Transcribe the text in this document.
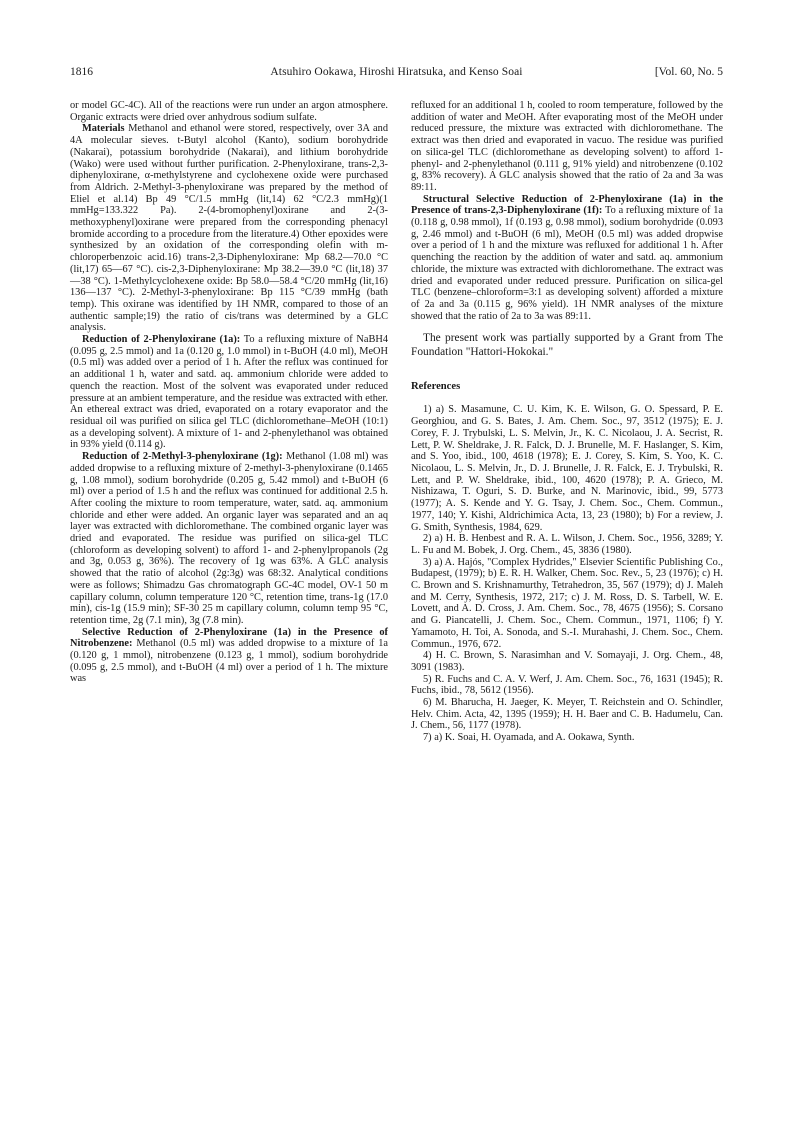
1816	Atsuhiro Ookawa, Hiroshi Hiratsuka, and Kenso Soai	[Vol. 60, No. 5

or model GC-4C). All of the reactions were run under an argon atmosphere. Organic extracts were dried over anhydrous sodium sulfate.

Materials Methanol and ethanol were stored, respectively, over 3A and 4A molecular sieves. t-Butyl alcohol (Kanto), sodium borohydride (Nakarai), potassium borohydride (Nakarai), and lithium borohydride (Wako) were used without further purification. 2-Phenyloxirane, trans-2,3-diphenyloxirane, α-methylstyrene and cyclohexene oxide were purchased from Aldrich. 2-Methyl-3-phenyloxirane was prepared by the method of Eliel et al.14) Bp 49 °C/1.5 mmHg (lit,14) 62 °C/2.3 mmHg)(1 mmHg=133.322 Pa). 2-(4-bromophenyl)oxirane and 2-(3-methoxyphenyl)oxirane were prepared from the corresponding phenacyl bromide according to a procedure from the literature.4) Other epoxides were synthesized by an oxidation of the corresponding olefin with m-chloroperbenzoic acid.16) trans-2,3-Diphenyloxirane: Mp 68.2—70.0 °C (lit,17) 65—67 °C). cis-2,3-Diphenyloxirane: Mp 38.2—39.0 °C (lit,18) 37—38 °C). 1-Methylcyclohexene oxide: Bp 58.0—58.4 °C/20 mmHg (lit,16) 136—137 °C). 2-Methyl-3-phenyloxirane: Bp 115 °C/39 mmHg (bath temp). This oxirane was identified by 1H NMR, compared to those of an authentic sample;19) the ratio of cis/trans was determined by a GLC analysis.

Reduction of 2-Phenyloxirane (1a): To a refluxing mixture of NaBH4 (0.095 g, 2.5 mmol) and 1a (0.120 g, 1.0 mmol) in t-BuOH (4.0 ml), MeOH (0.5 ml) was added over a period of 1 h. After the reflux was continued for an additional 1 h, water and satd. aq. ammonium chloride were added to quench the reaction. Most of the solvent was evaporated under reduced pressure at an ambient temperature, and the residue was extracted with ether. An ethereal extract was dried, evaporated on a rotary evaporator and the residual oil was purified on silica gel TLC (dichloromethane–MeOH (10:1) as a developing solvent). A mixture of 1- and 2-phenylethanol was obtained in 93% yield (0.114 g).

Reduction of 2-Methyl-3-phenyloxirane (1g): Methanol (1.08 ml) was added dropwise to a refluxing mixture of 2-methyl-3-phenyloxirane (0.1465 g, 1.08 mmol), sodium borohydride (0.205 g, 5.42 mmol) and t-BuOH (6 ml) over a period of 1.5 h and the reflux was continued for additional 2.5 h. After cooling the mixture to room temperature, water, satd. aq. ammonium chloride and ether were added. An organic layer was separated and an aq layer was extracted with dichloromethane. The combined organic layer was dried and evaporated. The residue was purified on silica-gel TLC (chloroform as developing solvent) to afford 1- and 2-phenylpropanols (2g and 3g, 0.053 g, 36%). The recovery of 1g was 63%. A GLC analysis showed that the ratio of alcohol (2g:3g) was 68:32. Analytical conditions were as follows; Shimadzu Gas chromatograph GC-4C model, OV-1 50 m capillary column, column temperature 120 °C, retention time, trans-1g (17.0 min), cis-1g (15.9 min); SF-30 25 m capillary column, column temp 95 °C, retention time, 2g (7.1 min), 3g (7.8 min).

Selective Reduction of 2-Phenyloxirane (1a) in the Presence of Nitrobenzene: Methanol (0.5 ml) was added dropwise to a mixture of 1a (0.120 g, 1 mmol), nitrobenzene (0.123 g, 1 mmol), sodium borohydride (0.095 g, 2.5 mmol), and t-BuOH (4 ml) over a period of 1 h. The mixture was

refluxed for an additional 1 h, cooled to room temperature, followed by the addition of water and MeOH. After evaporating most of the MeOH under reduced pressure, the mixture was extracted with dichloromethane. The extract was then dried and evaporated in vacuo. The residue was purified on silica-gel TLC (dichloromethane as developing solvent) to afford 1-phenyl- and 2-phenylethanol (0.111 g, 91% yield) and nitrobenzene (0.102 g, 83% recovery). A GLC analysis showed that the ratio of 2a and 3a was 89:11.

Structural Selective Reduction of 2-Phenyloxirane (1a) in the Presence of trans-2,3-Diphenyloxirane (1f): To a refluxing mixture of 1a (0.118 g, 0.98 mmol), 1f (0.193 g, 0.98 mmol), sodium borohydride (0.093 g, 2.46 mmol) and t-BuOH (6 ml), MeOH (0.5 ml) was added dropwise over a period of 1 h and the mixture was refluxed for additional 1 h. After quenching the reaction by the addition of water and satd. aq. ammonium chloride, the mixture was extracted with dichloromethane. The extract was dried and evaporated under reduced pressure. Purification on silica-gel TLC (benzene–chloroform=3:1 as developing solvent) afforded a mixture of 2a and 3a (0.115 g, 96% yield). 1H NMR analyses of the mixture showed that the ratio of 2a to 3a was 89:11.

The present work was partially supported by a Grant from The Foundation "Hattori-Hokokai."

References

1) a) S. Masamune, C. U. Kim, K. E. Wilson, G. O. Spessard, P. E. Georghiou, and G. S. Bates, J. Am. Chem. Soc., 97, 3512 (1975); E. J. Corey, F. J. Trybulski, L. S. Melvin, Jr., K. C. Nicolaou, J. A. Secrist, R. Lett, P. W. Sheldrake, J. R. Falck, D. J. Brunelle, M. F. Haslanger, S. Kim, and S. Yoo, ibid., 100, 4618 (1978); E. J. Corey, S. Kim, S. Yoo, K. C. Nicolaou, L. S. Melvin, Jr., D. J. Brunelle, J. R. Falck, E. J. Trybulski, R. Lett, and P. W. Sheldrake, ibid., 100, 4620 (1978); P. A. Grieco, M. Nishizawa, T. Oguri, S. D. Burke, and N. Marinovic, ibid., 99, 5773 (1977); A. S. Kende and Y. G. Tsay, J. Chem. Soc., Chem. Commun., 1977, 140; Y. Kishi, Aldrichimica Acta, 13, 23 (1980); b) For a review, J. G. Smith, Synthesis, 1984, 629.

2) a) H. B. Henbest and R. A. L. Wilson, J. Chem. Soc., 1956, 3289; Y. L. Fu and M. Bobek, J. Org. Chem., 45, 3836 (1980).

3) a) A. Hajós, "Complex Hydrides," Elsevier Scientific Publishing Co., Budapest, (1979); b) E. R. H. Walker, Chem. Soc. Rev., 5, 23 (1976); c) H. C. Brown and S. Krishnamurthy, Tetrahedron, 35, 567 (1979); d) J. Maleh and M. Cerry, Synthesis, 1972, 217; c) J. M. Ross, D. S. Tarbell, W. E. Lovett, and A. D. Cross, J. Am. Chem. Soc., 78, 4675 (1956); S. Corsano and G. Piancatelli, J. Chem. Soc., Chem. Commun., 1971, 1106; f) Y. Yamamoto, H. Toi, A. Sonoda, and S.-I. Murahashi, J. Chem. Soc., Chem. Commun., 1976, 672.

4) H. C. Brown, S. Narasimhan and V. Somayaji, J. Org. Chem., 48, 3091 (1983).

5) R. Fuchs and C. A. V. Werf, J. Am. Chem. Soc., 76, 1631 (1945); R. Fuchs, ibid., 78, 5612 (1956).

6) M. Bharucha, H. Jaeger, K. Meyer, T. Reichstein and O. Schindler, Helv. Chim. Acta, 42, 1395 (1959); H. H. Baer and C. B. Hadumelu, Can. J. Chem., 56, 1177 (1978).

7) a) K. Soai, H. Oyamada, and A. Ookawa, Synth.
